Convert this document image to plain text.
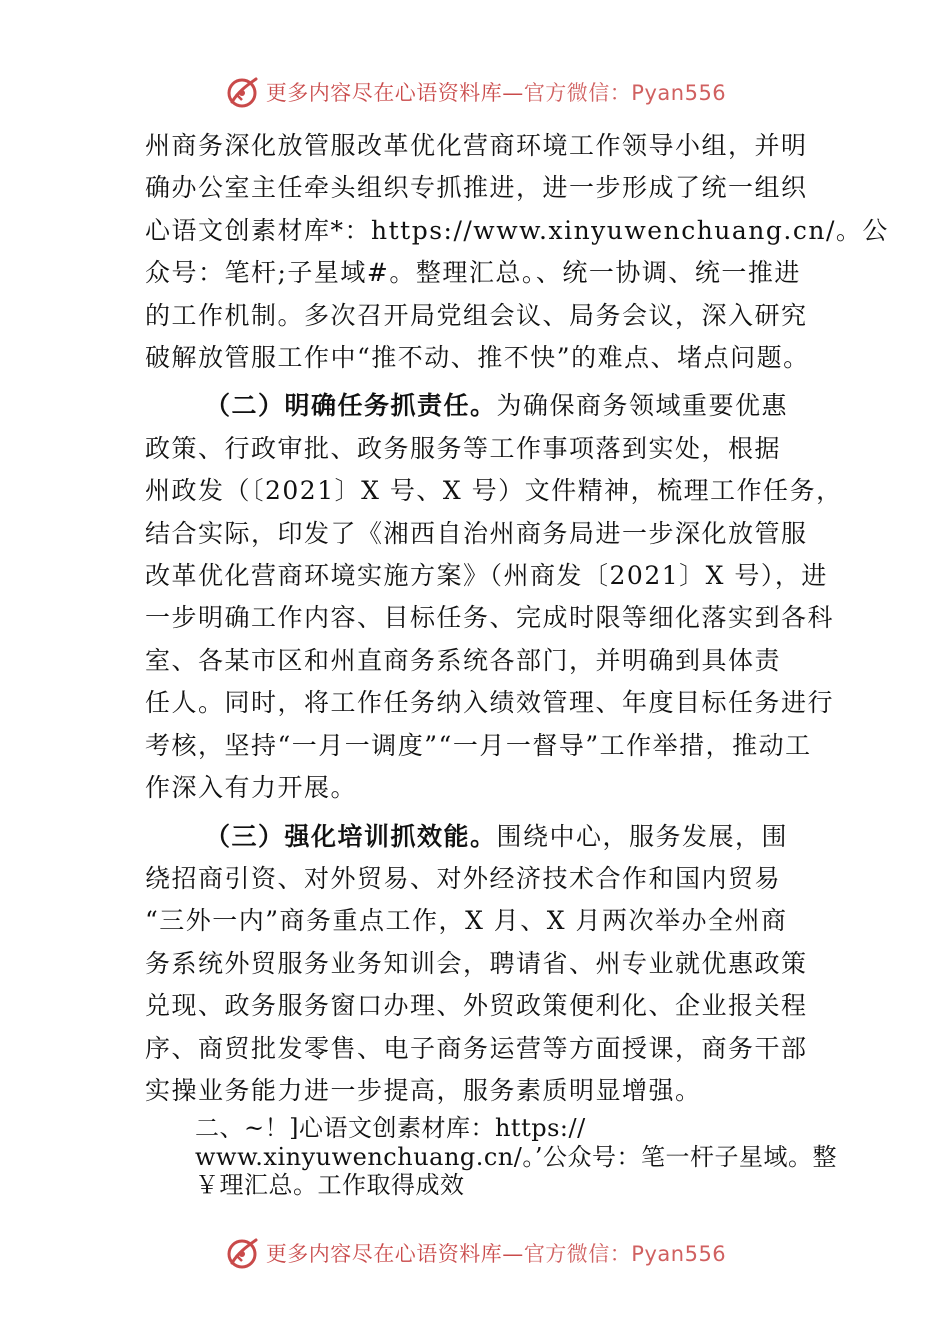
更多内容尽在心语资料库—官方微信：Pyan556
州商务深化放管服改革优化营商环境工作领导小组，并明
确办公室主任牵头组织专抓推进，进一步形成了统一组织
心语文创素材库*：https://www.xinyuwenchuang.cn/。公
众号：笔杆;子星域#。整理汇总。、统一协调、统一推进
的工作机制。多次召开局党组会议、局务会议，深入研究
破解放管服工作中“推不动、推不快”的难点、堵点问题。
（二）明确任务抓责任。为确保商务领域重要优惠
政策、行政审批、政务服务等工作事项落到实处，根据
州政发（〔2021〕X 号、X 号）文件精神，梳理工作任务，
结合实际，印发了《湘西自治州商务局进一步深化放管服
改革优化营商环境实施方案》（州商发〔2021〕X 号），进
一步明确工作内容、目标任务、完成时限等细化落实到各科
室、各某市区和州直商务系统各部门，并明确到具体责
任人。同时，将工作任务纳入绩效管理、年度目标任务进行
考核，坚持“一月一调度”“一月一督导”工作举措，推动工
作深入有力开展。
（三）强化培训抓效能。围绕中心，服务发展，围
绕招商引资、对外贸易、对外经济技术合作和国内贸易
“三外一内”商务重点工作，X 月、X 月两次举办全州商
务系统外贸服务业务知训会，聘请省、州专业就优惠政策
兑现、政务服务窗口办理、外贸政策便利化、企业报关程
序、商贸批发零售、电子商务运营等方面授课，商务干部
实操业务能力进一步提高，服务素质明显增强。
二、~！]心语文创素材库：https://
www.xinyuwenchuang.cn/。’公众号：笔一杆子星域。整
￥理汇总。工作取得成效
更多内容尽在心语资料库—官方微信：Pyan556
